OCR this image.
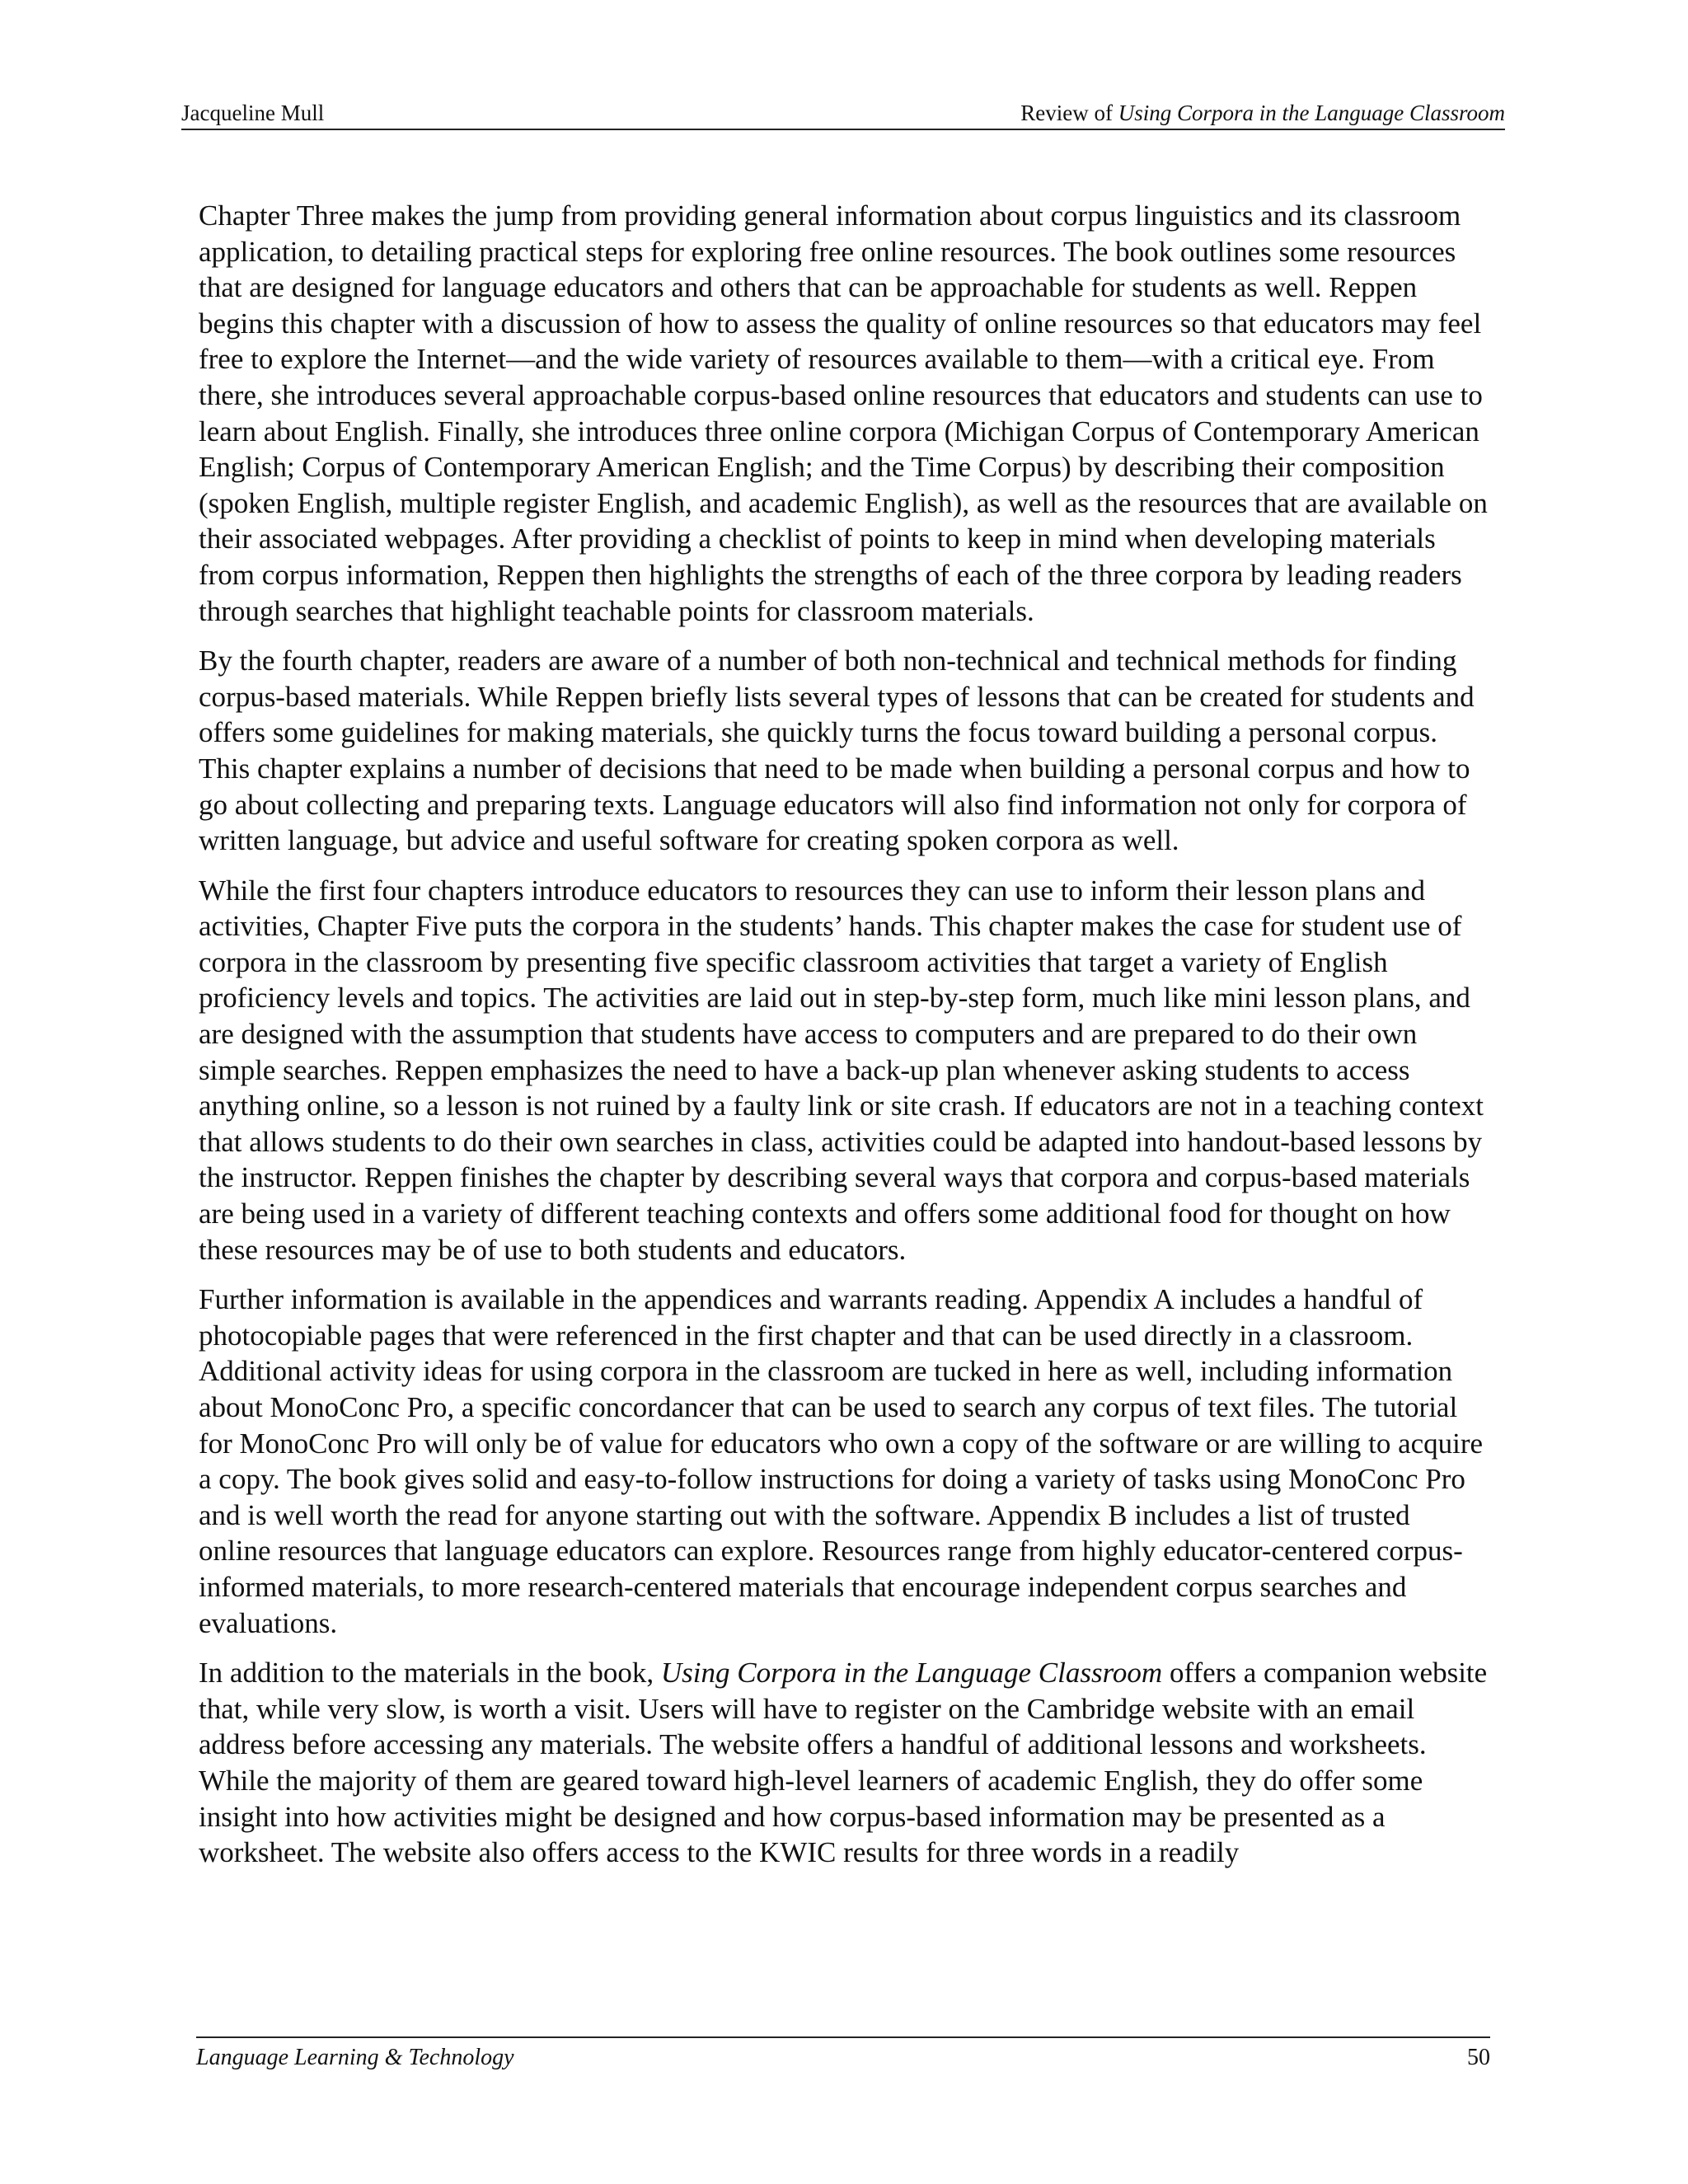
Jacqueline Mull	Review of Using Corpora in the Language Classroom

Chapter Three makes the jump from providing general information about corpus linguistics and its classroom application, to detailing practical steps for exploring free online resources. The book outlines some resources that are designed for language educators and others that can be approachable for students as well. Reppen begins this chapter with a discussion of how to assess the quality of online resources so that educators may feel free to explore the Internet—and the wide variety of resources available to them—with a critical eye. From there, she introduces several approachable corpus-based online resources that educators and students can use to learn about English. Finally, she introduces three online corpora (Michigan Corpus of Contemporary American English; Corpus of Contemporary American English; and the Time Corpus) by describing their composition (spoken English, multiple register English, and academic English), as well as the resources that are available on their associated webpages. After providing a checklist of points to keep in mind when developing materials from corpus information, Reppen then highlights the strengths of each of the three corpora by leading readers through searches that highlight teachable points for classroom materials.

By the fourth chapter, readers are aware of a number of both non-technical and technical methods for finding corpus-based materials. While Reppen briefly lists several types of lessons that can be created for students and offers some guidelines for making materials, she quickly turns the focus toward building a personal corpus. This chapter explains a number of decisions that need to be made when building a personal corpus and how to go about collecting and preparing texts. Language educators will also find information not only for corpora of written language, but advice and useful software for creating spoken corpora as well.

While the first four chapters introduce educators to resources they can use to inform their lesson plans and activities, Chapter Five puts the corpora in the students’ hands. This chapter makes the case for student use of corpora in the classroom by presenting five specific classroom activities that target a variety of English proficiency levels and topics. The activities are laid out in step-by-step form, much like mini lesson plans, and are designed with the assumption that students have access to computers and are prepared to do their own simple searches. Reppen emphasizes the need to have a back-up plan whenever asking students to access anything online, so a lesson is not ruined by a faulty link or site crash. If educators are not in a teaching context that allows students to do their own searches in class, activities could be adapted into handout-based lessons by the instructor. Reppen finishes the chapter by describing several ways that corpora and corpus-based materials are being used in a variety of different teaching contexts and offers some additional food for thought on how these resources may be of use to both students and educators.

Further information is available in the appendices and warrants reading. Appendix A includes a handful of photocopiable pages that were referenced in the first chapter and that can be used directly in a classroom. Additional activity ideas for using corpora in the classroom are tucked in here as well, including information about MonoConc Pro, a specific concordancer that can be used to search any corpus of text files. The tutorial for MonoConc Pro will only be of value for educators who own a copy of the software or are willing to acquire a copy. The book gives solid and easy-to-follow instructions for doing a variety of tasks using MonoConc Pro and is well worth the read for anyone starting out with the software. Appendix B includes a list of trusted online resources that language educators can explore. Resources range from highly educator-centered corpus-informed materials, to more research-centered materials that encourage independent corpus searches and evaluations.

In addition to the materials in the book, Using Corpora in the Language Classroom offers a companion website that, while very slow, is worth a visit. Users will have to register on the Cambridge website with an email address before accessing any materials. The website offers a handful of additional lessons and worksheets. While the majority of them are geared toward high-level learners of academic English, they do offer some insight into how activities might be designed and how corpus-based information may be presented as a worksheet. The website also offers access to the KWIC results for three words in a readily

Language Learning & Technology	50
